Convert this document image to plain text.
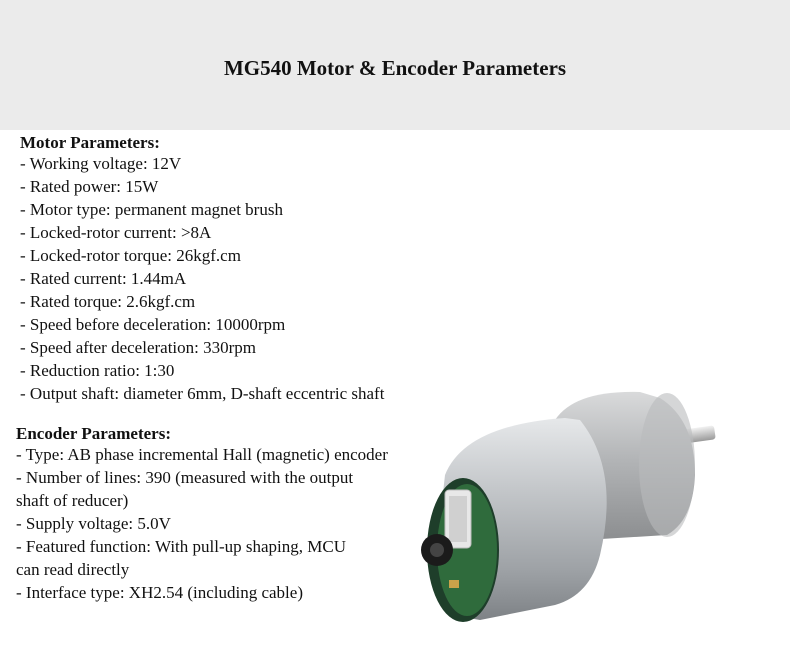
MG540 Motor & Encoder Parameters
Motor Parameters:
- Working voltage: 12V
- Rated power: 15W
- Motor type: permanent magnet brush
- Locked-rotor current: >8A
- Locked-rotor torque: 26kgf.cm
- Rated current: 1.44mA
- Rated torque: 2.6kgf.cm
- Speed before deceleration: 10000rpm
- Speed after deceleration: 330rpm
- Reduction ratio: 1:30
- Output shaft: diameter 6mm, D-shaft eccentric shaft
Encoder Parameters:
- Type: AB phase incremental Hall (magnetic) encoder
- Number of lines: 390 (measured with the output
shaft of reducer)
- Supply voltage: 5.0V
- Featured function: With pull-up shaping, MCU
can read directly
- Interface type: XH2.54 (including cable)
